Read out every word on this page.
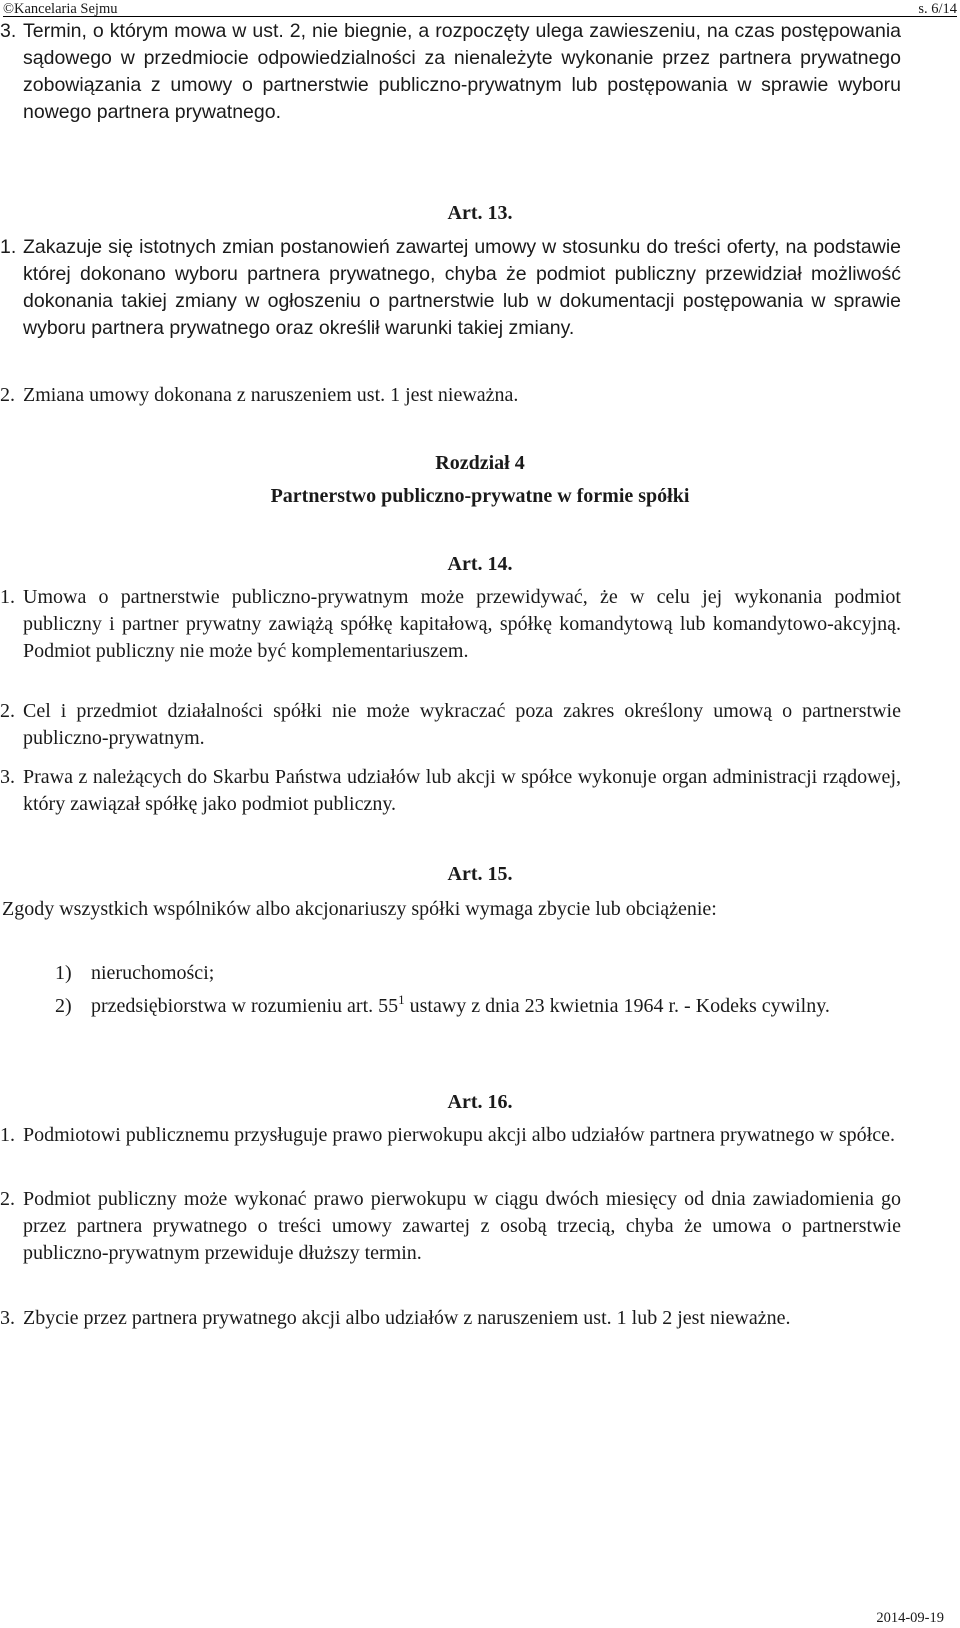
©Kancelaria Sejmu	s. 6/14
3. Termin, o którym mowa w ust. 2, nie biegnie, a rozpoczęty ulega zawieszeniu, na czas postępowania sądowego w przedmiocie odpowiedzialności za nienależyte wykonanie przez partnera prywatnego zobowiązania z umowy o partnerstwie publiczno-prywatnym lub postępowania w sprawie wyboru nowego partnera prywatnego.
Art. 13.
1. Zakazuje się istotnych zmian postanowień zawartej umowy w stosunku do treści oferty, na podstawie której dokonano wyboru partnera prywatnego, chyba że podmiot publiczny przewidział możliwość dokonania takiej zmiany w ogłoszeniu o partnerstwie lub w dokumentacji postępowania w sprawie wyboru partnera prywatnego oraz określił warunki takiej zmiany.
2. Zmiana umowy dokonana z naruszeniem ust. 1 jest nieważna.
Rozdział 4
Partnerstwo publiczno-prywatne w formie spółki
Art. 14.
1. Umowa o partnerstwie publiczno-prywatnym może przewidywać, że w celu jej wykonania podmiot publiczny i partner prywatny zawiążą spółkę kapitałową, spółkę komandytową lub komandytowo-akcyjną. Podmiot publiczny nie może być komplementariuszem.
2. Cel i przedmiot działalności spółki nie może wykraczać poza zakres określony umową o partnerstwie publiczno-prywatnym.
3. Prawa z należących do Skarbu Państwa udziałów lub akcji w spółce wykonuje organ administracji rządowej, który zawiązał spółkę jako podmiot publiczny.
Art. 15.
Zgody wszystkich wspólników albo akcjonariuszy spółki wymaga zbycie lub obciążenie:
1) nieruchomości;
2) przedsiębiorstwa w rozumieniu art. $55^1$ ustawy z dnia 23 kwietnia 1964 r. - Kodeks cywilny.
Art. 16.
1. Podmiotowi publicznemu przysługuje prawo pierwokupu akcji albo udziałów partnera prywatnego w spółce.
2. Podmiot publiczny może wykonać prawo pierwokupu w ciągu dwóch miesięcy od dnia zawiadomienia go przez partnera prywatnego o treści umowy zawartej z osobą trzecią, chyba że umowa o partnerstwie publiczno-prywatnym przewiduje dłuższy termin.
3. Zbycie przez partnera prywatnego akcji albo udziałów z naruszeniem ust. 1 lub 2 jest nieważne.
2014-09-19
